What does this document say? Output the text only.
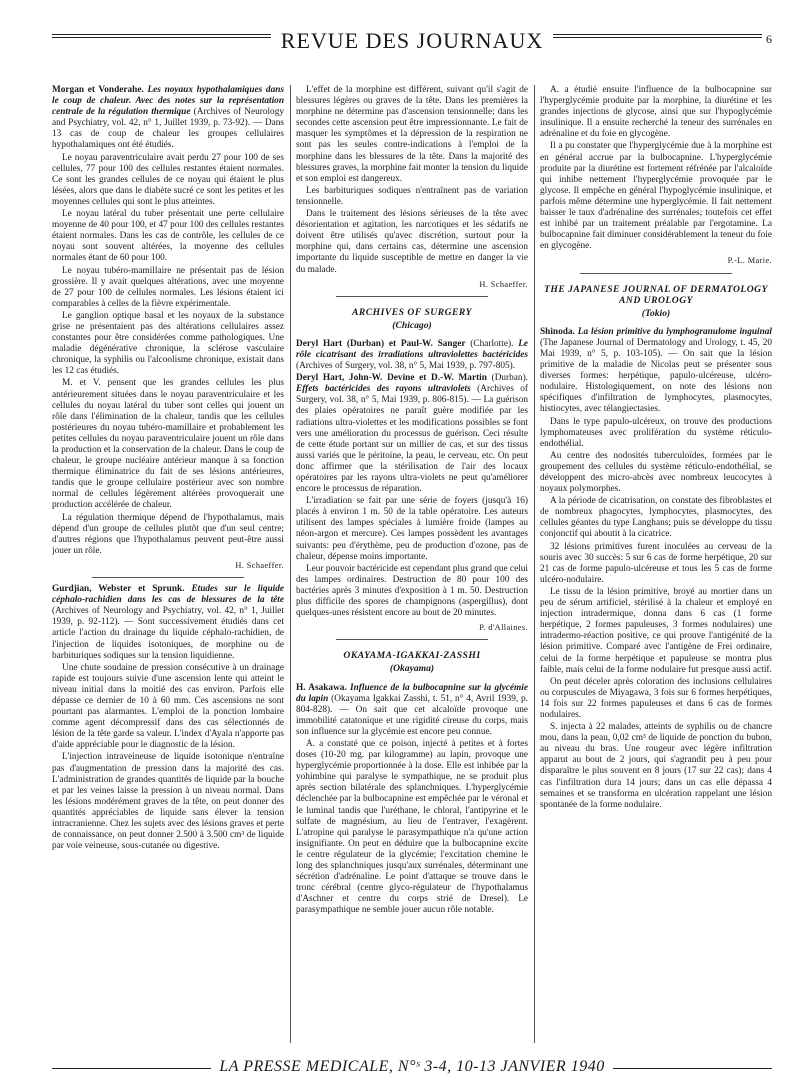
REVUE DES JOURNAUX	6

Morgan et Vonderahe. Les noyaux hypothalamiques dans le coup de chaleur. Avec des notes sur la représentation centrale de la régulation thermique (Archives of Neurology and Psychiatry, vol. 42, n° 1, Juillet 1939, p. 73-92). — Dans 13 cas de coup de chaleur les groupes cellulaires hypothalamiques ont été étudiés.

Le noyau paraventriculaire avait perdu 27 pour 100 de ses cellules, 77 pour 100 des cellules restantes étaient normales. Ce sont les grandes cellules de ce noyau qui étaient le plus lésées, alors que dans le diabète sucré ce sont les petites et les moyennes cellules qui sont le plus atteintes.

Le noyau latéral du tuber présentait une perte cellulaire moyenne de 40 pour 100, et 47 pour 100 des cellules restantes étaient normales. Dans les cas de contrôle, les cellules de ce noyau sont souvent altérées, la moyenne des cellules normales étant de 60 pour 100.

Le noyau tubéro-mamillaire ne présentait pas de lésion grossière. Il y avait quelques altérations, avec une moyenne de 27 pour 100 de cellules normales. Les lésions étaient ici comparables à celles de la fièvre expérimentale.

Le ganglion optique basal et les noyaux de la substance grise ne présentaient pas des altérations cellulaires assez constantes pour être considérées comme pathologiques. Une maladie dégénérative chronique, la sclérose vasculaire chronique, la syphilis ou l'alcoolisme chronique, existait dans les 12 cas étudiés.

M. et V. pensent que les grandes cellules les plus antérieurement situées dans le noyau paraventriculaire et les cellules du noyau latéral du tuber sont celles qui jouent un rôle dans l'élimination de la chaleur, tandis que les cellules postérieures du noyau tubéro-mamillaire et probablement les petites cellules du noyau paraventriculaire jouent un rôle dans la production et la conservation de la chaleur. Dans le coup de chaleur, le groupe nucléaire antérieur manque à sa fonction thermique éliminatrice du fait de ses lésions antérieures, tandis que le groupe cellulaire postérieur avec son nombre normal de cellules légèrement altérées provoquerait une production accélérée de chaleur.

La régulation thermique dépend de l'hypothalamus, mais dépend d'un groupe de cellules plutôt que d'un seul centre; d'autres régions que l'hypothalamus peuvent peut-être aussi jouer un rôle.

H. Schaeffer.

Gurdjian, Webster et Sprunk. Etudes sur le liquide céphalo-rachidien dans les cas de blessures de la tête (Archives of Neurology and Psychiatry, vol. 42, n° 1, Juillet 1939, p. 92-112). — Sont successivement étudiés dans cet article l'action du drainage du liquide céphalo-rachidien, de l'injection de liquides isotoniques, de morphine ou de barbituriques sodiques sur la tension liquidienne.

Une chute soudaine de pression consécutive à un drainage rapide est toujours suivie d'une ascension lente qui atteint le niveau initial dans la moitié des cas environ. Parfois elle dépasse ce dernier de 10 à 60 mm. Ces ascensions ne sont pourtant pas alarmantes. L'emploi de la ponction lombaire comme agent décompressif dans des cas sélectionnés de lésion de la tête garde sa valeur. L'index d'Ayala n'apporte pas d'aide appréciable pour le diagnostic de la lésion.

L'injection intraveineuse de liquide isotonique n'entraîne pas d'augmentation de pression dans la majorité des cas. L'administration de grandes quantités de liquide par la bouche et par les veines laisse la pression à un niveau normal. Dans les lésions modérément graves de la tête, on peut donner des quantités appréciables de liquide sans élever la tension intracranienne. Chez les sujets avec des lésions graves et perte de connaissance, on peut donner 2.500 à 3.500 cm³ de liquide par voie veineuse, sous-cutanée ou digestive.

L'effet de la morphine est différent, suivant qu'il s'agit de blessures légères ou graves de la tête. Dans les premières la morphine ne détermine pas d'ascension tensionnelle; dans les secondes cette ascension peut être impressionnante. Le fait de masquer les symptômes et la dépression de la respiration ne sont pas les seules contre-indications à l'emploi de la morphine dans les blessures de la tête. Dans la majorité des blessures graves, la morphine fait monter la tension du liquide et son emploi est dangereux.

Les barbituriques sodiques n'entraînent pas de variation tensionnelle.

Dans le traitement des lésions sérieuses de la tête avec désorientation et agitation, les narcotiques et les sédatifs ne doivent être utilisés qu'avec discrétion, surtout pour la morphine qui, dans certains cas, détermine une ascension importante du liquide susceptible de mettre en danger la vie du malade.

H. Schaeffer.

ARCHIVES OF SURGERY
(Chicago)

Deryl Hart (Durban) et Paul-W. Sanger (Charlotte). Le rôle cicatrisant des irradiations ultraviolettes bactéricides (Archives of Surgery, vol. 38, n° 5, Mai 1939, p. 797-805).

Deryl Hart, John-W. Devine et D.-W. Martin (Durban). Effets bactéricides des rayons ultraviolets (Archives of Surgery, vol. 38, n° 5, Mai 1939, p. 806-815). — La guérison des plaies opératoires ne paraît guère modifiée par les radiations ultra-violettes et les modifications possibles se font vers une amélioration du processus de guérison. Ceci résulte de cette étude portant sur un millier de cas, et sur des tissus aussi variés que le péritoine, la peau, le cerveau, etc. On peut donc affirmer que la stérilisation de l'air des locaux opératoires par les rayons ultra-violets ne peut qu'améliorer encore le processus de réparation.

L'irradiation se fait par une série de foyers (jusqu'à 16) placés à environ 1 m. 50 de la table opératoire. Les auteurs utilisent des lampes spéciales à lumière froide (lampes au néon-argon et mercure). Ces lampes possèdent les avantages suivants: peu d'érythème, peu de production d'ozone, pas de chaleur, dépense moins importante.

Leur pouvoir bactéricide est cependant plus grand que celui des lampes ordinaires. Destruction de 80 pour 100 des bactéries après 3 minutes d'exposition à 1 m. 50. Destruction plus difficile des spores de champignons (aspergillus), dont quelques-unes résistent encore au bout de 20 minutes.

P. d'Allaines.

OKAYAMA-IGAKKAI-ZASSHI
(Okayama)

H. Asakawa. Influence de la bulbocapnine sur la glycémie du lapin (Okayama Igakkai Zasshi, t. 51, n° 4, Avril 1939, p. 804-828). — On sait que cet alcaloïde provoque une immobilité catatonique et une rigidité cireuse du corps, mais son influence sur la glycémie est encore peu connue.

A. a constaté que ce poison, injecté à petites et à fortes doses (10-20 mg. par kilogramme) au lapin, provoque une hyperglycémie proportionnée à la dose. Elle est inhibée par la yohimbine qui paralyse le sympathique, ne se produit plus après section bilatérale des splanchniques. L'hyperglycémie déclenchée par la bulbocapnine est empêchée par le véronal et le luminal tandis que l'uréthane, le chloral, l'antipyrine et le sulfate de magnésium, au lieu de l'entraver, l'exagèrent. L'atropine qui paralyse le parasympathique n'a qu'une action insignifiante. On peut en déduire que la bulbocapnine excite le centre régulateur de la glycémie; l'excitation chemine le long des splanchniques jusqu'aux surrénales, déterminant une sécrétion d'adrénaline. Le point d'attaque se trouve dans le tronc cérébral (centre glyco-régulateur de l'hypothalamus d'Aschner et centre du corps strié de Dresel). Le parasympathique ne semble jouer aucun rôle notable.

A. a étudié ensuite l'influence de la bulbocapnine sur l'hyperglycémie produite par la morphine, la diurétine et les grandes injections de glycose, ainsi que sur l'hypoglycémie insulinique. Il a ensuite recherché la teneur des surrénales en adrénaline et du foie en glycogène.

Il a pu constater que l'hyperglycémie due à la morphine est en général accrue par la bulbocapnine. L'hyperglycémie produite par la diurétine est fortement réfrénée par l'alcaloïde qui inhibe nettement l'hyperglycémie provoquée par le glycose. Il empêche en général l'hypoglycémie insulinique, et parfois même détermine une hyperglycémie. Il fait nettement baisser le taux d'adrénaline des surrénales; toutefois cet effet est inhibé par un traitement préalable par l'ergotamine. La bulbocapnine fait diminuer considérablement la teneur du foie en glycogène.

P.-L. Marie.

THE JAPANESE JOURNAL OF DERMATOLOGY AND UROLOGY
(Tokio)

Shinoda. La lésion primitive du lymphogranulome inguinal (The Japanese Journal of Dermatology and Urology, t. 45, 20 Mai 1939, n° 5, p. 103-105). — On sait que la lésion primitive de la maladie de Nicolas peut se présenter sous diverses formes: herpétique, papulo-ulcéreuse, ulcéro-nodulaire. Histologiquement, on note des lésions non spécifiques d'infiltration de lymphocytes, plasmocytes, histiocytes, avec télangiectasies.

Dans le type papulo-ulcéreux, on trouve des productions lymphomateuses avec prolifération du système réticulo-endothélial.

Au centre des nodosités tuberculoïdes, formées par le groupement des cellules du système réticulo-endothélial, se développent des micro-abcès avec nombreux leucocytes à noyaux polymorphes.

A la période de cicatrisation, on constate des fibroblastes et de nombreux phagocytes, lymphocytes, plasmocytes, des cellules géantes du type Langhans; puis se développe du tissu conjonctif qui aboutit à la cicatrice.

32 lésions primitives furent inoculées au cerveau de la souris avec 30 succès: 5 sur 6 cas de forme herpétique, 20 sur 21 cas de forme papulo-ulcéreuse et tous les 5 cas de forme ulcéro-nodulaire.

Le tissu de la lésion primitive, broyé au mortier dans un peu de sérum artificiel, stérilisé à la chaleur et employé en injection intradermique, donna dans 6 cas (1 forme herpétique, 2 formes papuleuses, 3 formes nodulaires) une intradermo-réaction positive, ce qui prouve l'antigénité de la lésion primitive. Comparé avec l'antigène de Frei ordinaire, celui de la forme herpétique et papuleuse se montra plus faible, mais celui de la forme nodulaire fut presque aussi actif.

On peut déceler après coloration des inclusions cellulaires ou corpuscules de Miyagawa, 3 fois sur 6 formes herpétiques, 14 fois sur 22 formes papuleuses et dans 6 cas de formes nodulaires.

S. injecta à 22 malades, atteints de syphilis ou de chancre mou, dans la peau, 0,02 cm³ de liquide de ponction du bubon, au niveau du bras. Une rougeur avec légère infiltration apparut au bout de 2 jours, qui s'agrandit peu à peu pour disparaître le plus souvent en 8 jours (17 sur 22 cas); dans 4 cas l'infiltration dura 14 jours; dans un cas elle dépassa 4 semaines et se transforma en ulcération rappelant une lésion spontanée de la forme nodulaire.

LA PRESSE MEDICALE, N°ˢ 3-4, 10-13 JANVIER 1940
